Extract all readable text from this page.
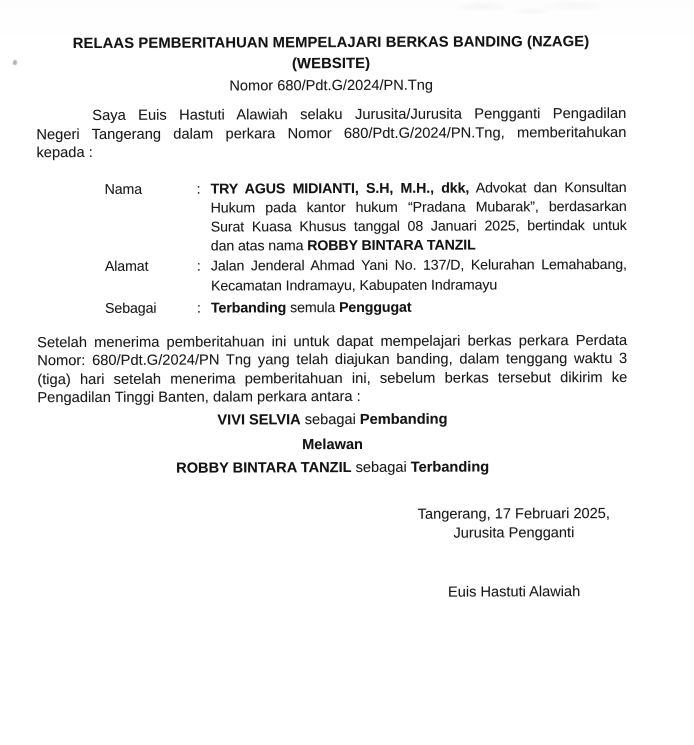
RELAAS PEMBERITAHUAN MEMPELAJARI BERKAS BANDING (NZAGE)
(WEBSITE)
Nomor 680/Pdt.G/2024/PN.Tng
Saya Euis Hastuti Alawiah selaku Jurusita/Jurusita Pengganti Pengadilan
Negeri Tangerang dalam perkara Nomor 680/Pdt.G/2024/PN.Tng, memberitahukan
kepada :
Nama	: TRY AGUS MIDIANTI, S.H, M.H., dkk, Advokat dan Konsultan
Hukum pada kantor hukum “Pradana Mubarak”, berdasarkan
Surat Kuasa Khusus tanggal 08 Januari 2025, bertindak untuk
dan atas nama ROBBY BINTARA TANZIL
Alamat	: Jalan Jenderal Ahmad Yani No. 137/D, Kelurahan Lemahabang,
Kecamatan Indramayu, Kabupaten Indramayu
Sebagai	: Terbanding semula Penggugat
Setelah menerima pemberitahuan ini untuk dapat mempelajari berkas perkara Perdata
Nomor: 680/Pdt.G/2024/PN Tng yang telah diajukan banding, dalam tenggang waktu 3
(tiga) hari setelah menerima pemberitahuan ini, sebelum berkas tersebut dikirim ke
Pengadilan Tinggi Banten, dalam perkara antara :
VIVI SELVIA sebagai Pembanding
Melawan
ROBBY BINTARA TANZIL sebagai Terbanding
Tangerang, 17 Februari 2025,
Jurusita Pengganti
Euis Hastuti Alawiah
